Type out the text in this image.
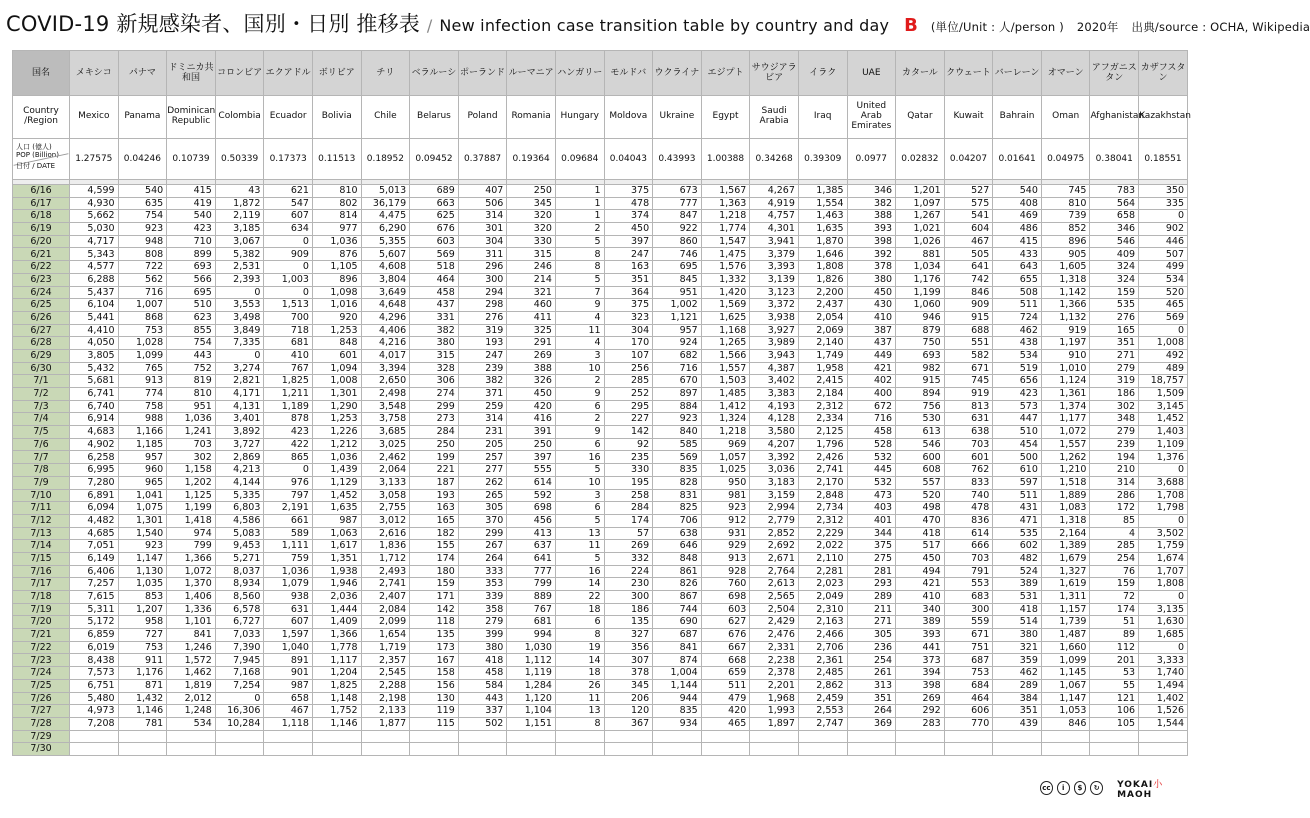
COVID-19 新規感染者、国別・日別 推移表 / New infection case transition table by country and day B (単位/Unit : 人/person ) 2020年 出典/source : OCHA, Wikipedia
国名	メキシコ	パナマ	ドミニカ共和国	コロンビア	エクアドル	ボリビア	チリ	ベラルーシ	ポーランド	ルーマニア	ハンガリー	モルドバ	ウクライナ	エジプト	サウジアラビア	イラク	UAE	カタール	クウェート	バーレーン	オマーン	アフガニスタン	カザフスタン
Country /Region	Mexico	Panama	Dominican Republic	Colombia	Ecuador	Bolivia	Chile	Belarus	Poland	Romania	Hungary	Moldova	Ukraine	Egypt	Saudi Arabia	Iraq	United Arab Emirates	Qatar	Kuwait	Bahrain	Oman	Afghanistan	Kazakhstan

人口 (億人)
POP (Billion)
日付 / DATE	1.27575	0.04246	0.10739	0.50339	0.17373	0.11513	0.18952	0.09452	0.37887	0.19364	0.09684	0.04043	0.43993	1.00388	0.34268	0.39309	0.0977	0.02832	0.04207	0.01641	0.04975	0.38041	0.18551

6/16	4,599	540	415	43	621	810	5,013	689	407	250	1	375	673	1,567	4,267	1,385	346	1,201	527	540	745	783	350
6/17	4,930	635	419	1,872	547	802	36,179	663	506	345	1	478	777	1,363	4,919	1,554	382	1,097	575	408	810	564	335
6/18	5,662	754	540	2,119	607	814	4,475	625	314	320	1	374	847	1,218	4,757	1,463	388	1,267	541	469	739	658	0
6/19	5,030	923	423	3,185	634	977	6,290	676	301	320	2	450	922	1,774	4,301	1,635	393	1,021	604	486	852	346	902
6/20	4,717	948	710	3,067	0	1,036	5,355	603	304	330	5	397	860	1,547	3,941	1,870	398	1,026	467	415	896	546	446
6/21	5,343	808	899	5,382	909	876	5,607	569	311	315	8	247	746	1,475	3,379	1,646	392	881	505	433	905	409	507
6/22	4,577	722	693	2,531	0	1,105	4,608	518	296	246	8	163	695	1,576	3,393	1,808	378	1,034	641	643	1,605	324	499
6/23	6,288	562	566	2,393	1,003	896	3,804	464	300	214	5	351	845	1,332	3,139	1,826	380	1,176	742	655	1,318	324	534
6/24	5,437	716	695	0	0	1,098	3,649	458	294	321	7	364	951	1,420	3,123	2,200	450	1,199	846	508	1,142	159	520
6/25	6,104	1,007	510	3,553	1,513	1,016	4,648	437	298	460	9	375	1,002	1,569	3,372	2,437	430	1,060	909	511	1,366	535	465
6/26	5,441	868	623	3,498	700	920	4,296	331	276	411	4	323	1,121	1,625	3,938	2,054	410	946	915	724	1,132	276	569
6/27	4,410	753	855	3,849	718	1,253	4,406	382	319	325	11	304	957	1,168	3,927	2,069	387	879	688	462	919	165	0
6/28	4,050	1,028	754	7,335	681	848	4,216	380	193	291	4	170	924	1,265	3,989	2,140	437	750	551	438	1,197	351	1,008
6/29	3,805	1,099	443	0	410	601	4,017	315	247	269	3	107	682	1,566	3,943	1,749	449	693	582	534	910	271	492
6/30	5,432	765	752	3,274	767	1,094	3,394	328	239	388	10	256	716	1,557	4,387	1,958	421	982	671	519	1,010	279	489
7/1	5,681	913	819	2,821	1,825	1,008	2,650	306	382	326	2	285	670	1,503	3,402	2,415	402	915	745	656	1,124	319	18,757
7/2	6,741	774	810	4,171	1,211	1,301	2,498	274	371	450	9	252	897	1,485	3,383	2,184	400	894	919	423	1,361	186	1,509
7/3	6,740	758	951	4,131	1,189	1,290	3,548	299	259	420	6	295	884	1,412	4,193	2,312	672	756	813	573	1,374	302	3,145
7/4	6,914	988	1,036	3,401	878	1,253	3,758	273	314	416	2	227	923	1,324	4,128	2,334	716	530	631	447	1,177	348	1,452
7/5	4,683	1,166	1,241	3,892	423	1,226	3,685	284	231	391	9	142	840	1,218	3,580	2,125	458	613	638	510	1,072	279	1,403
7/6	4,902	1,185	703	3,727	422	1,212	3,025	250	205	250	6	92	585	969	4,207	1,796	528	546	703	454	1,557	239	1,109
7/7	6,258	957	302	2,869	865	1,036	2,462	199	257	397	16	235	569	1,057	3,392	2,426	532	600	601	500	1,262	194	1,376
7/8	6,995	960	1,158	4,213	0	1,439	2,064	221	277	555	5	330	835	1,025	3,036	2,741	445	608	762	610	1,210	210	0
7/9	7,280	965	1,202	4,144	976	1,129	3,133	187	262	614	10	195	828	950	3,183	2,170	532	557	833	597	1,518	314	3,688
7/10	6,891	1,041	1,125	5,335	797	1,452	3,058	193	265	592	3	258	831	981	3,159	2,848	473	520	740	511	1,889	286	1,708
7/11	6,094	1,075	1,199	6,803	2,191	1,635	2,755	163	305	698	6	284	825	923	2,994	2,734	403	498	478	431	1,083	172	1,798
7/12	4,482	1,301	1,418	4,586	661	987	3,012	165	370	456	5	174	706	912	2,779	2,312	401	470	836	471	1,318	85	0
7/13	4,685	1,540	974	5,083	589	1,063	2,616	182	299	413	13	57	638	931	2,852	2,229	344	418	614	535	2,164	4	3,502
7/14	7,051	923	799	9,453	1,111	1,617	1,836	155	267	637	11	269	646	929	2,692	2,022	375	517	666	602	1,389	285	1,759
7/15	6,149	1,147	1,366	5,271	759	1,351	1,712	174	264	641	5	332	848	913	2,671	2,110	275	450	703	482	1,679	254	1,674
7/16	6,406	1,130	1,072	8,037	1,036	1,938	2,493	180	333	777	16	224	861	928	2,764	2,281	281	494	791	524	1,327	76	1,707
7/17	7,257	1,035	1,370	8,934	1,079	1,946	2,741	159	353	799	14	230	826	760	2,613	2,023	293	421	553	389	1,619	159	1,808
7/18	7,615	853	1,406	8,560	938	2,036	2,407	171	339	889	22	300	867	698	2,565	2,049	289	410	683	531	1,311	72	0
7/19	5,311	1,207	1,336	6,578	631	1,444	2,084	142	358	767	18	186	744	603	2,504	2,310	211	340	300	418	1,157	174	3,135
7/20	5,172	958	1,101	6,727	607	1,409	2,099	118	279	681	6	135	690	627	2,429	2,163	271	389	559	514	1,739	51	1,630
7/21	6,859	727	841	7,033	1,597	1,366	1,654	135	399	994	8	327	687	676	2,476	2,466	305	393	671	380	1,487	89	1,685
7/22	6,019	753	1,246	7,390	1,040	1,778	1,719	173	380	1,030	19	356	841	667	2,331	2,706	236	441	751	321	1,660	112	0
7/23	8,438	911	1,572	7,945	891	1,117	2,357	167	418	1,112	14	307	874	668	2,238	2,361	254	373	687	359	1,099	201	3,333
7/24	7,573	1,176	1,462	7,168	901	1,204	2,545	158	458	1,119	18	378	1,004	659	2,378	2,485	261	394	753	462	1,145	53	1,740
7/25	6,751	871	1,819	7,254	987	1,825	2,288	156	584	1,284	26	345	1,144	511	2,201	2,862	313	398	684	289	1,067	55	1,494
7/26	5,480	1,432	2,012	0	658	1,148	2,198	130	443	1,120	11	206	944	479	1,968	2,459	351	269	464	384	1,147	121	1,402
7/27	4,973	1,146	1,248	16,306	467	1,752	2,133	119	337	1,104	13	120	835	420	1,993	2,553	264	292	606	351	1,053	106	1,526
7/28	7,208	781	534	10,284	1,118	1,146	1,877	115	502	1,151	8	367	934	465	1,897	2,747	369	283	770	439	846	105	1,544
7/29																							
7/30																							
cc	i	$	↻	YOKAI小MAOH
